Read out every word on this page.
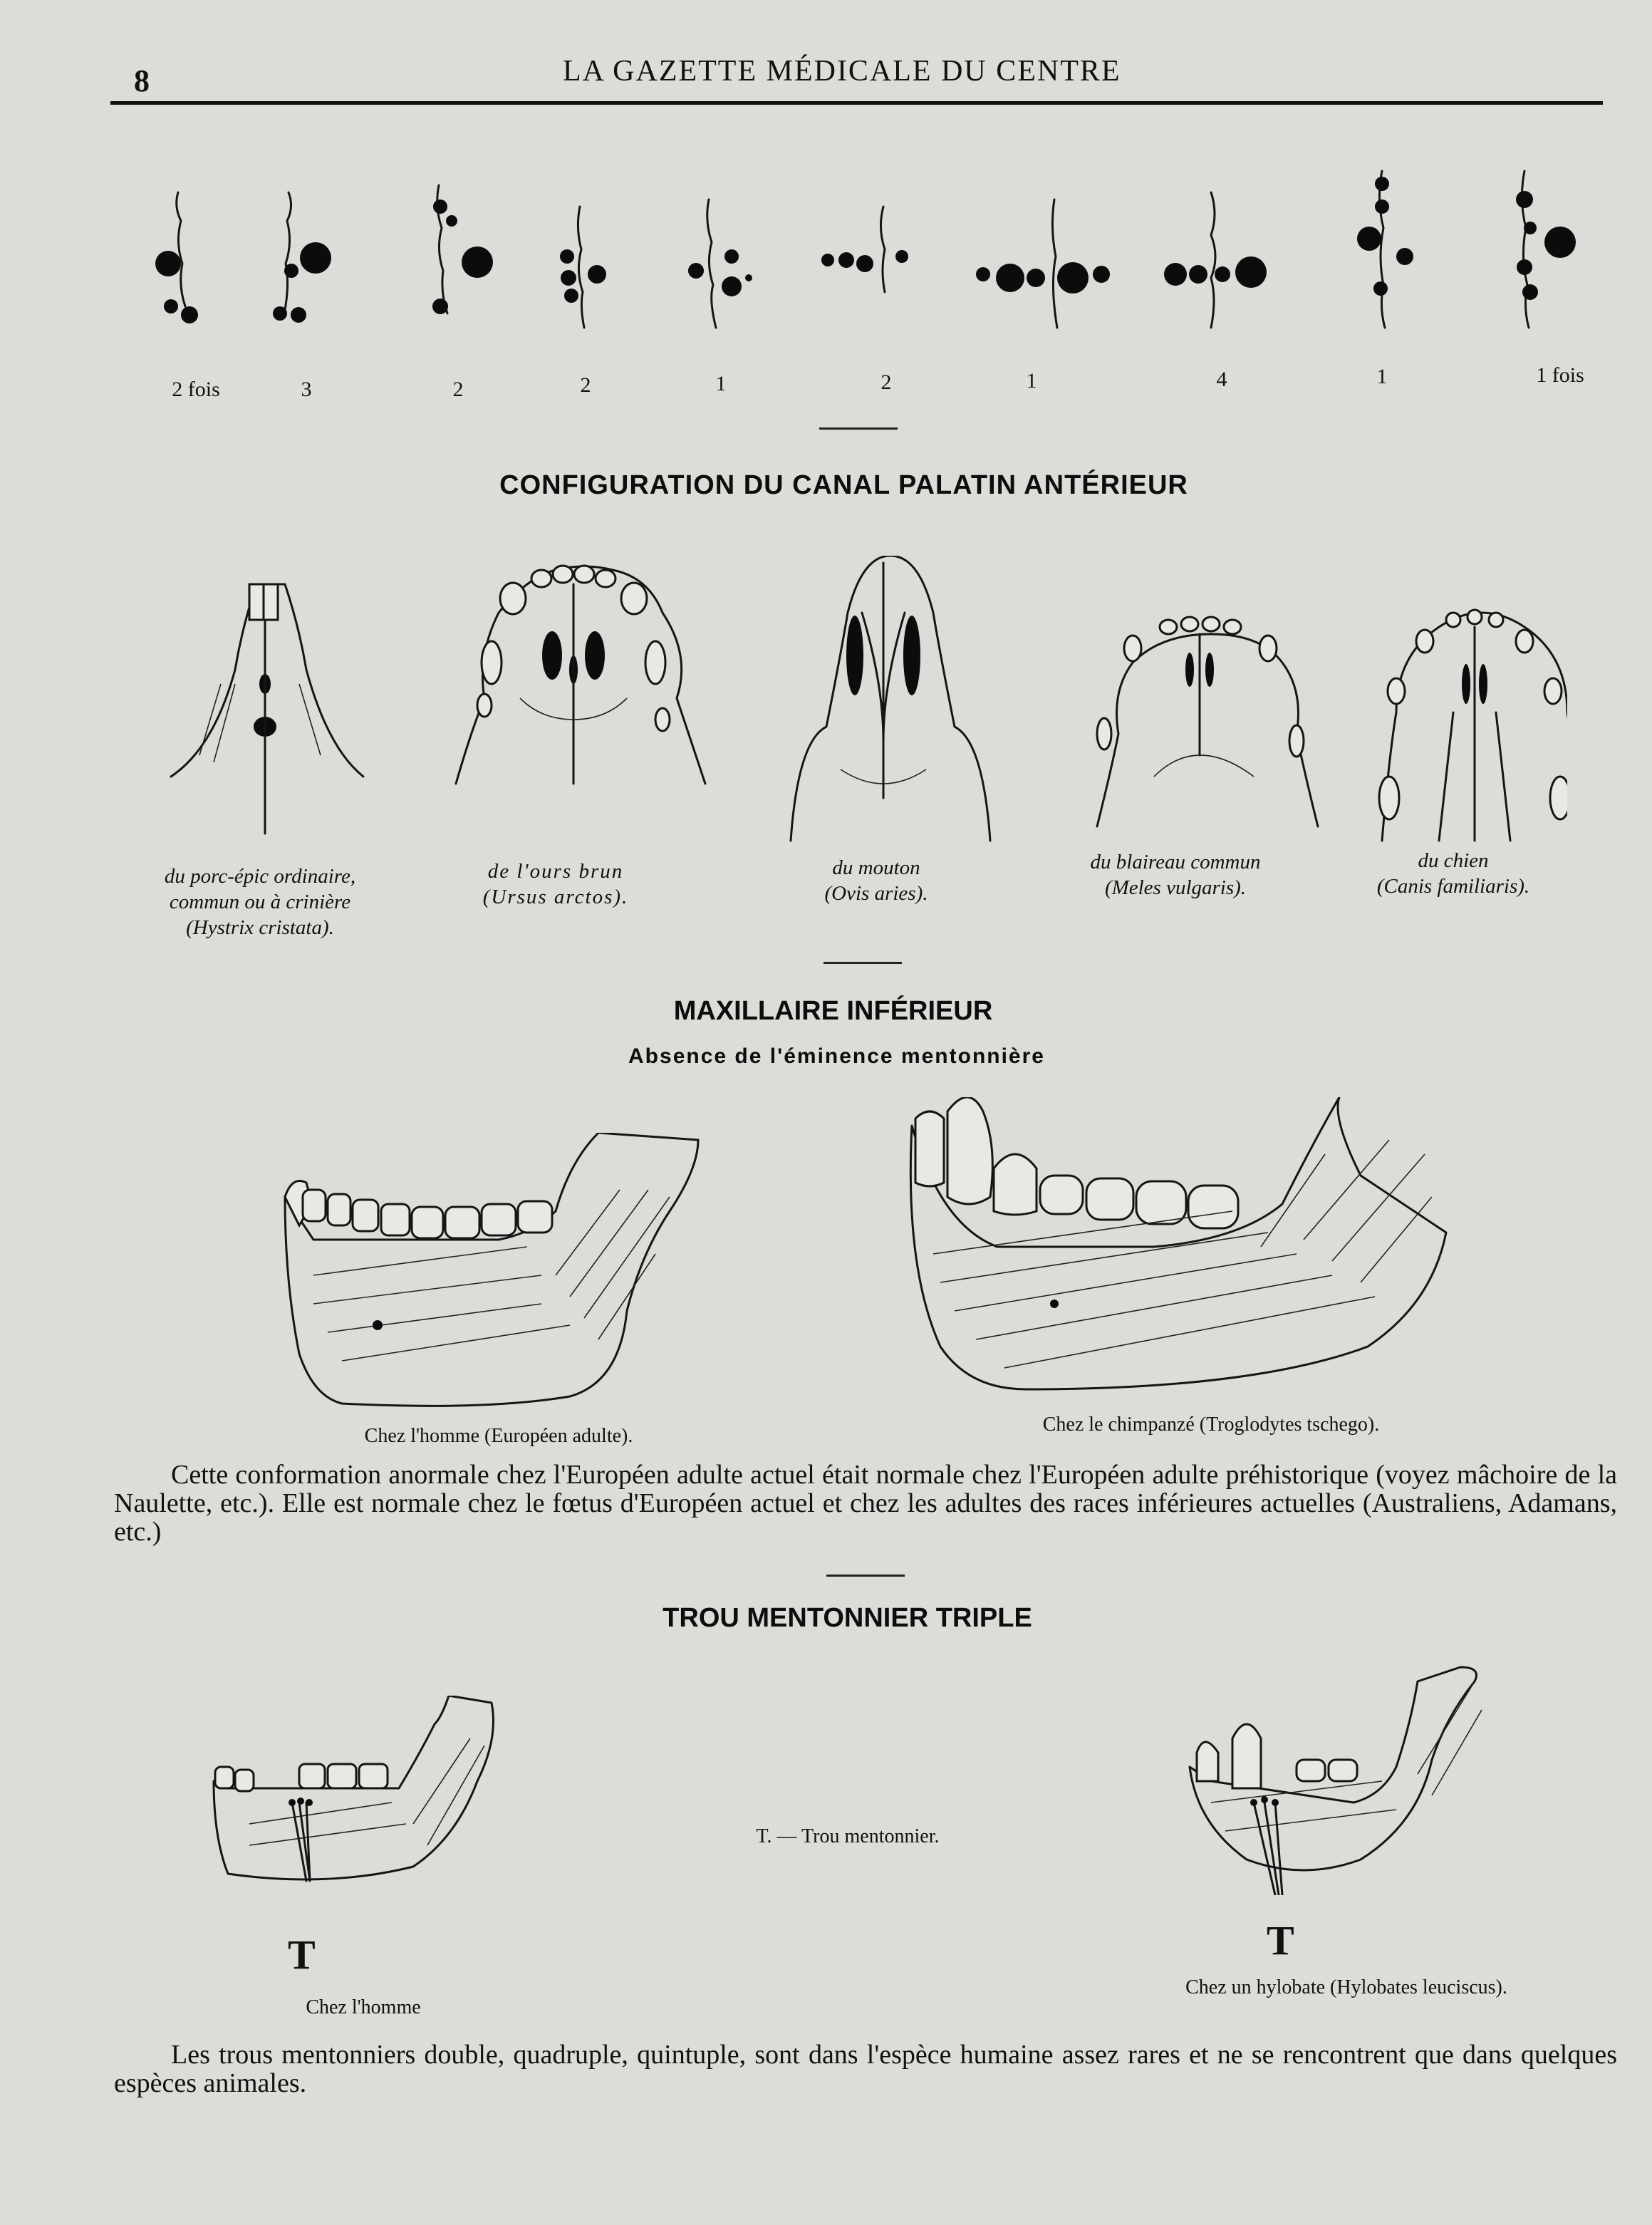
8	LA GAZETTE MÉDICALE DU CENTRE
2 fois	3	2	2	1	2	1	4	1	1 fois
CONFIGURATION DU CANAL PALATIN ANTÉRIEUR
du porc-épic ordinaire,
commun ou à crinière
(Hystrix cristata).
de l'ours brun
(Ursus arctos).
du mouton
(Ovis aries).
du blaireau commun
(Meles vulgaris).
du chien
(Canis familiaris).
MAXILLAIRE INFÉRIEUR
Absence de l'éminence mentonnière
Chez l'homme (Européen adulte).
Chez le chimpanzé (Troglodytes tschego).
Cette conformation anormale chez l'Européen adulte actuel était normale chez l'Européen adulte préhistorique (voyez mâchoire de la Naulette, etc.). Elle est normale chez le fœtus d'Européen actuel et chez les adultes des races inférieures actuelles (Australiens, Adamans, etc.)
TROU MENTONNIER TRIPLE
T
Chez l'homme
T. — Trou mentonnier.
T
Chez un hylobate (Hylobates leuciscus).
Les trous mentonniers double, quadruple, quintuple, sont dans l'espèce humaine assez rares et ne se rencontrent que dans quelques espèces animales.
